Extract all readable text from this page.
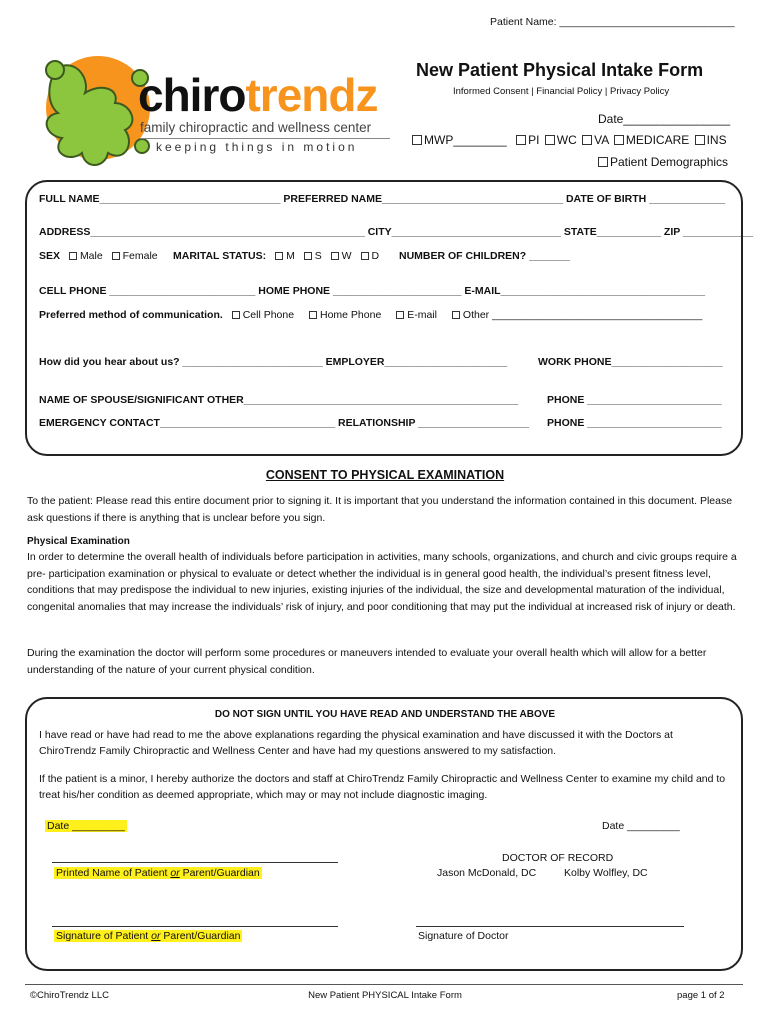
Patient Name: ______________________________
chirotrendz
family chiropractic and wellness center
keeping things in motion
New Patient Physical Intake Form
Informed Consent | Financial Policy | Privacy Policy
Date________________
MWP________ PI WC VA MEDICARE INS
Patient Demographics
FULL NAME_______________________________ PREFERRED NAME_______________________________ DATE OF BIRTH _____________
ADDRESS_______________________________________________ CITY_____________________________ STATE___________ ZIP ____________
SEX Male Female MARITAL STATUS: M S W D NUMBER OF CHILDREN? _______
CELL PHONE _________________________ HOME PHONE ______________________ E-MAIL___________________________________
Preferred method of communication. Cell Phone Home Phone E-mail Other ____________________________________
How did you hear about us? ________________________ EMPLOYER_____________________	WORK PHONE___________________
NAME OF SPOUSE/SIGNIFICANT OTHER_______________________________________________	PHONE _______________________
EMERGENCY CONTACT______________________________ RELATIONSHIP ___________________ PHONE _______________________
CONSENT TO PHYSICAL EXAMINATION
To the patient: Please read this entire document prior to signing it. It is important that you understand the information contained in this document. Please ask questions if there is anything that is unclear before you sign.
Physical Examination
In order to determine the overall health of individuals before participation in activities, many schools, organizations, and church and civic groups require a pre- participation examination or physical to evaluate or detect whether the individual is in general good health, the individual’s present fitness level, conditions that may predispose the individual to new injuries, existing injuries of the individual, the size and developmental maturation of the individual, congenital anomalies that may increase the individuals’ risk of injury, and poor conditioning that may put the individual at increased risk of injury or death.
During the examination the doctor will perform some procedures or maneuvers intended to evaluate your overall health which will allow for a better understanding of the nature of your current physical condition.
DO NOT SIGN UNTIL YOU HAVE READ AND UNDERSTAND THE ABOVE
I have read or have had read to me the above explanations regarding the physical examination and have discussed it with the Doctors at ChiroTrendz Family Chiropractic and Wellness Center and have had my questions answered to my satisfaction.
If the patient is a minor, I hereby authorize the doctors and staff at ChiroTrendz Family Chiropractic and Wellness Center to examine my child and to treat his/her condition as deemed appropriate, which may or may not include diagnostic imaging.
Date _________	Date _________
Printed Name of Patient or Parent/Guardian
DOCTOR OF RECORD
Jason McDonald, DC	Kolby Wolfley, DC
Signature of Patient or Parent/Guardian	Signature of Doctor
©ChiroTrendz LLC	New Patient PHYSICAL Intake Form	page 1 of 2
